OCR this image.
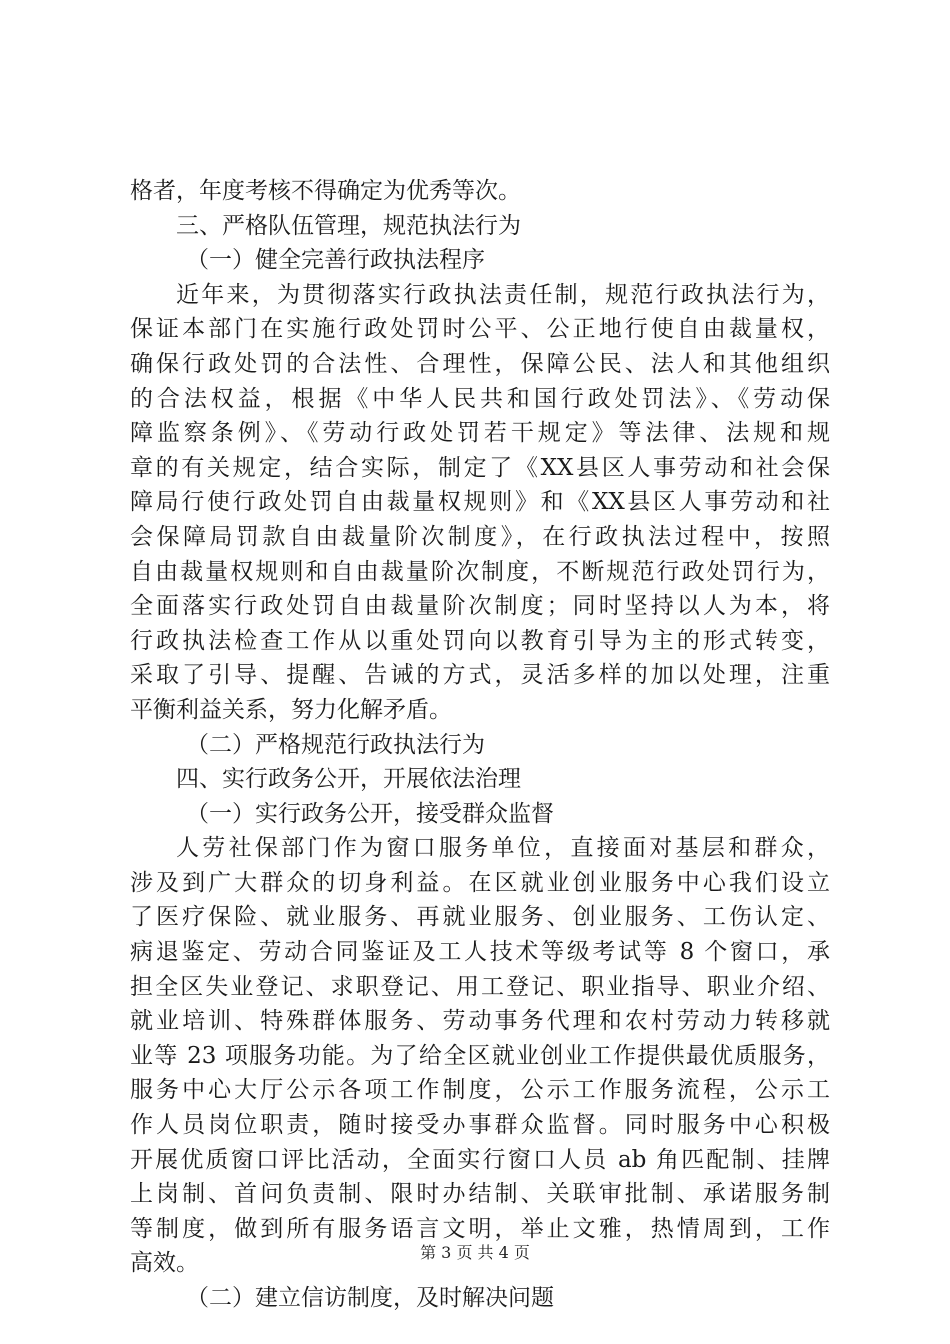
格者，年度考核不得确定为优秀等次。
三、严格队伍管理，规范执法行为
（一）健全完善行政执法程序
近年来，为贯彻落实行政执法责任制，规范行政执法行为，
保证本部门在实施行政处罚时公平、公正地行使自由裁量权，
确保行政处罚的合法性、合理性，保障公民、法人和其他组织
的合法权益，根据《中华人民共和国行政处罚法》、《劳动保
障监察条例》、《劳动行政处罚若干规定》等法律、法规和规
章的有关规定，结合实际，制定了《XX县区人事劳动和社会保
障局行使行政处罚自由裁量权规则》和《XX县区人事劳动和社
会保障局罚款自由裁量阶次制度》，在行政执法过程中，按照
自由裁量权规则和自由裁量阶次制度，不断规范行政处罚行为，
全面落实行政处罚自由裁量阶次制度；同时坚持以人为本，将
行政执法检查工作从以重处罚向以教育引导为主的形式转变，
采取了引导、提醒、告诫的方式，灵活多样的加以处理，注重
平衡利益关系，努力化解矛盾。
（二）严格规范行政执法行为
四、实行政务公开，开展依法治理
（一）实行政务公开，接受群众监督
人劳社保部门作为窗口服务单位，直接面对基层和群众，
涉及到广大群众的切身利益。在区就业创业服务中心我们设立
了医疗保险、就业服务、再就业服务、创业服务、工伤认定、
病退鉴定、劳动合同鉴证及工人技术等级考试等 8 个窗口，承
担全区失业登记、求职登记、用工登记、职业指导、职业介绍、
就业培训、特殊群体服务、劳动事务代理和农村劳动力转移就
业等 23 项服务功能。为了给全区就业创业工作提供最优质服务，
服务中心大厅公示各项工作制度，公示工作服务流程，公示工
作人员岗位职责，随时接受办事群众监督。同时服务中心积极
开展优质窗口评比活动，全面实行窗口人员 ab 角匹配制、挂牌
上岗制、首问负责制、限时办结制、关联审批制、承诺服务制
等制度，做到所有服务语言文明，举止文雅，热情周到，工作
高效。
（二）建立信访制度，及时解决问题
第 3 页 共 4 页
